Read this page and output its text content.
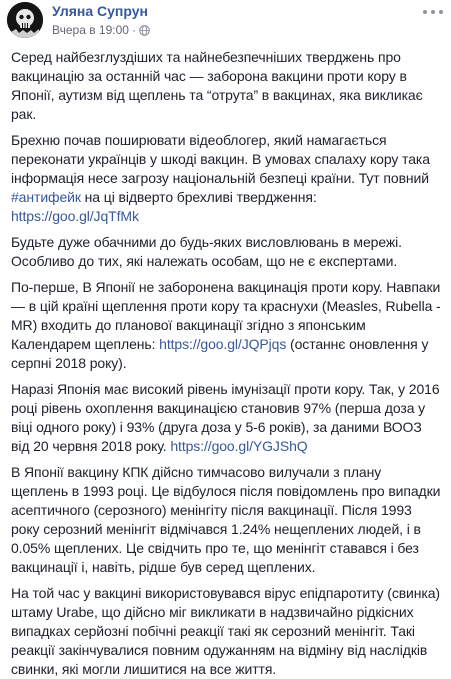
Уляна Супрун
Вчера в 19:00 ·

Серед найбезглуздіших та найнебезпечніших тверджень про вакцинацію за останній час — заборона вакцини проти кору в Японії, аутизм від щеплень та “отрута” в вакцинах, яка викликає рак.

Брехню почав поширювати відеоблогер, який намагається переконати українців у шкоді вакцин. В умовах спалаху кору така інформація несе загрозу національній безпеці країни. Тут повний #антифейк на ці відверто брехливі твердження: https://goo.gl/JqTfMk

Будьте дуже обачними до будь-яких висловлювань в мережі. Особливо до тих, які належать особам, що не є експертами.

По-перше, В Японії не заборонена вакцинація проти кору. Навпаки — в цій країні щеплення проти кору та краснухи (Measles, Rubella - MR) входить до планової вакцинації згідно з японським Календарем щеплень: https://goo.gl/JQPjqs (останнє оновлення у серпні 2018 року).

Наразі Японія має високий рівень імунізації проти кору. Так, у 2016 році рівень охоплення вакцинацією становив 97% (перша доза у віці одного року) і 93% (друга доза у 5-6 років), за даними ВООЗ від 20 червня 2018 року. https://goo.gl/YGJShQ

В Японії вакцину КПК дійсно тимчасово вилучали з плану щеплень в 1993 році. Це відбулося після повідомлень про випадки асептичного (серозного) менінгіту після вакцинації. Після 1993 року серозний менінгіт відмічався 1.24% нещеплених людей, і в 0.05% щеплених. Це свідчить про те, що менінгіт ставався і без вакцинації і, навіть, рідше був серед щеплених.

На той час у вакцині використовувався вірус епідпаротиту (свинка) штаму Urabe, що дійсно міг викликати в надзвичайно рідкісних випадках серйозні побічні реакції такі як серозний менінгіт. Такі реакції закінчувалися повним одужанням на відміну від наслідків свинки, які могли лишитися на все життя.
